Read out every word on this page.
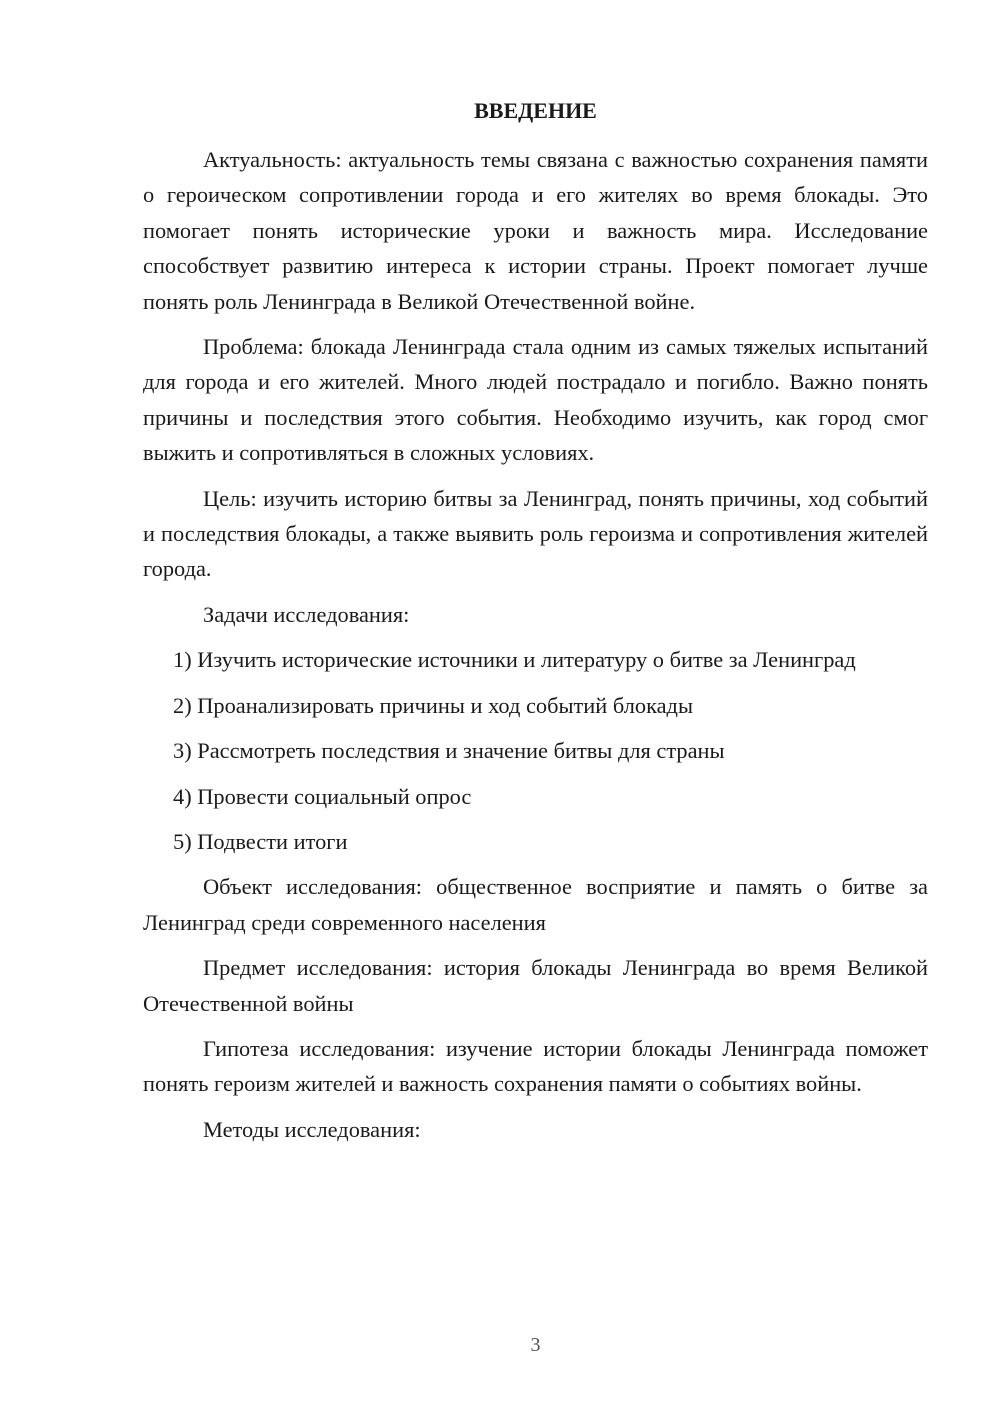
ВВЕДЕНИЕ

Актуальность: актуальность темы связана с важностью сохранения памяти о героическом сопротивлении города и его жителях во время блокады. Это помогает понять исторические уроки и важность мира. Исследование способствует развитию интереса к истории страны. Проект помогает лучше понять роль Ленинграда в Великой Отечественной войне.

Проблема: блокада Ленинграда стала одним из самых тяжелых испытаний для города и его жителей. Много людей пострадало и погибло. Важно понять причины и последствия этого события. Необходимо изучить, как город смог выжить и сопротивляться в сложных условиях.

Цель: изучить историю битвы за Ленинград, понять причины, ход событий и последствия блокады, а также выявить роль героизма и сопротивления жителей города.

Задачи исследования:

1) Изучить исторические источники и литературу о битве за Ленинград

2) Проанализировать причины и ход событий блокады

3) Рассмотреть последствия и значение битвы для страны

4) Провести социальный опрос

5) Подвести итоги

Объект исследования: общественное восприятие и память о битве за Ленинград среди современного населения

Предмет исследования: история блокады Ленинграда во время Великой Отечественной войны

Гипотеза исследования: изучение истории блокады Ленинграда поможет понять героизм жителей и важность сохранения памяти о событиях войны.

Методы исследования:

3
